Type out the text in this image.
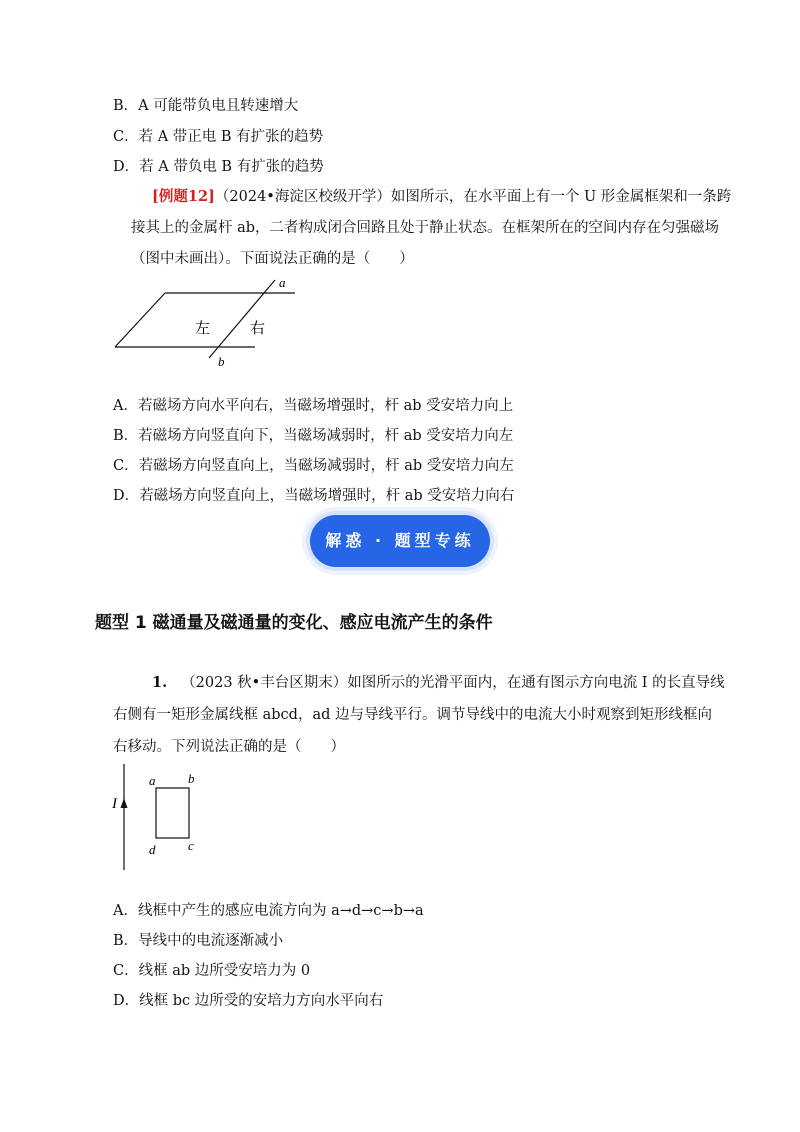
B．A 可能带负电且转速增大
C．若 A 带正电 B 有扩张的趋势
D．若 A 带负电 B 有扩张的趋势
[例题12]（2024•海淀区校级开学）如图所示，在水平面上有一个 U 形金属框架和一条跨
接其上的金属杆 ab，二者构成闭合回路且处于静止状态。在框架所在的空间内存在匀强磁场
（图中未画出）。下面说法正确的是（　　）
a
b
左	右
A．若磁场方向水平向右，当磁场增强时，杆 ab 受安培力向上
B．若磁场方向竖直向下，当磁场减弱时，杆 ab 受安培力向左
C．若磁场方向竖直向上，当磁场减弱时，杆 ab 受安培力向左
D．若磁场方向竖直向上，当磁场增强时，杆 ab 受安培力向右
解惑 · 题型专练
题型 1 磁通量及磁通量的变化、感应电流产生的条件
1. （2023 秋•丰台区期末）如图所示的光滑平面内，在通有图示方向电流 I 的长直导线
右侧有一矩形金属线框 abcd，ad 边与导线平行。调节导线中的电流大小时观察到矩形线框向
右移动。下列说法正确的是（　　）
I
a	b
c
d
A．线框中产生的感应电流方向为 a→d→c→b→a
B．导线中的电流逐渐减小
C．线框 ab 边所受安培力为 0
D．线框 bc 边所受的安培力方向水平向右
